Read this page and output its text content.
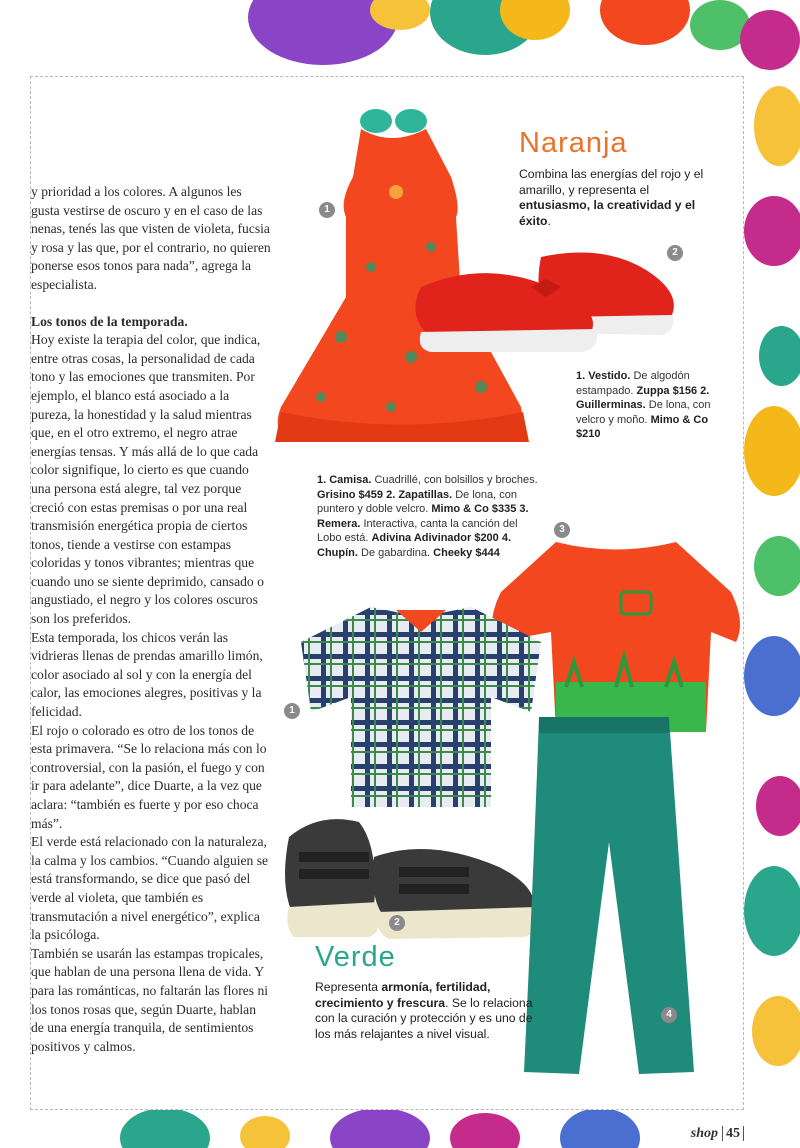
y prioridad a los colores. A algunos les gusta vestirse de oscuro y en el caso de las nenas, tenés las que visten de violeta, fucsia y rosa y las que, por el contrario, no quieren ponerse esos tonos para nada”, agrega la especialista.

Los tonos de la temporada.

Hoy existe la terapia del color, que indica, entre otras cosas, la personalidad de cada tono y las emociones que transmiten. Por ejemplo, el blanco está asociado a la pureza, la honestidad y la salud mientras que, en el otro extremo, el negro atrae energías tensas. Y más allá de lo que cada color signifique, lo cierto es que cuando una persona está alegre, tal vez porque creció con estas premisas o por una real transmisión energética propia de ciertos tonos, tiende a vestirse con estampas coloridas y tonos vibrantes; mientras que cuando uno se siente deprimido, cansado o angustiado, el negro y los colores oscuros son los preferidos.

Esta temporada, los chicos verán las vidrieras llenas de prendas amarillo limón, color asociado al sol y con la energía del calor, las emociones alegres, positivas y la felicidad.

El rojo o colorado es otro de los tonos de esta primavera. “Se lo relaciona más con lo controversial, con la pasión, el fuego y con ir para adelante”, dice Duarte, a la vez que aclara: “también es fuerte y por eso choca más”.

El verde está relacionado con la naturaleza, la calma y los cambios. “Cuando alguien se está transformando, se dice que pasó del verde al violeta, que también es transmutación a nivel energético”, explica la psicóloga.

También se usarán las estampas tropicales, que hablan de una persona llena de vida. Y para las románticas, no faltarán las flores ni los tonos rosas que, según Duarte, hablan de una energía tranquila, de sentimientos positivos y calmos.

Naranja
Combina las energías del rojo y el amarillo, y representa el entusiasmo, la creatividad y el éxito.
1. Vestido. De algodón estampado. Zuppa $156 2. Guillerminas. De lona, con velcro y moño. Mimo & Co $210
1
2
1. Camisa. Cuadrillé, con bolsillos y broches. Grisino $459 2. Zapatillas. De lona, con puntero y doble velcro. Mimo & Co $335 3. Remera. Interactiva, canta la canción del Lobo está. Adivina Adivinador $200 4. Chupín. De gabardina. Cheeky $444
3
1
2
4
Verde
Representa armonía, fertilidad, crecimiento y frescura. Se lo relaciona con la curación y protección y es uno de los más relajantes a nivel visual.
shop 45
